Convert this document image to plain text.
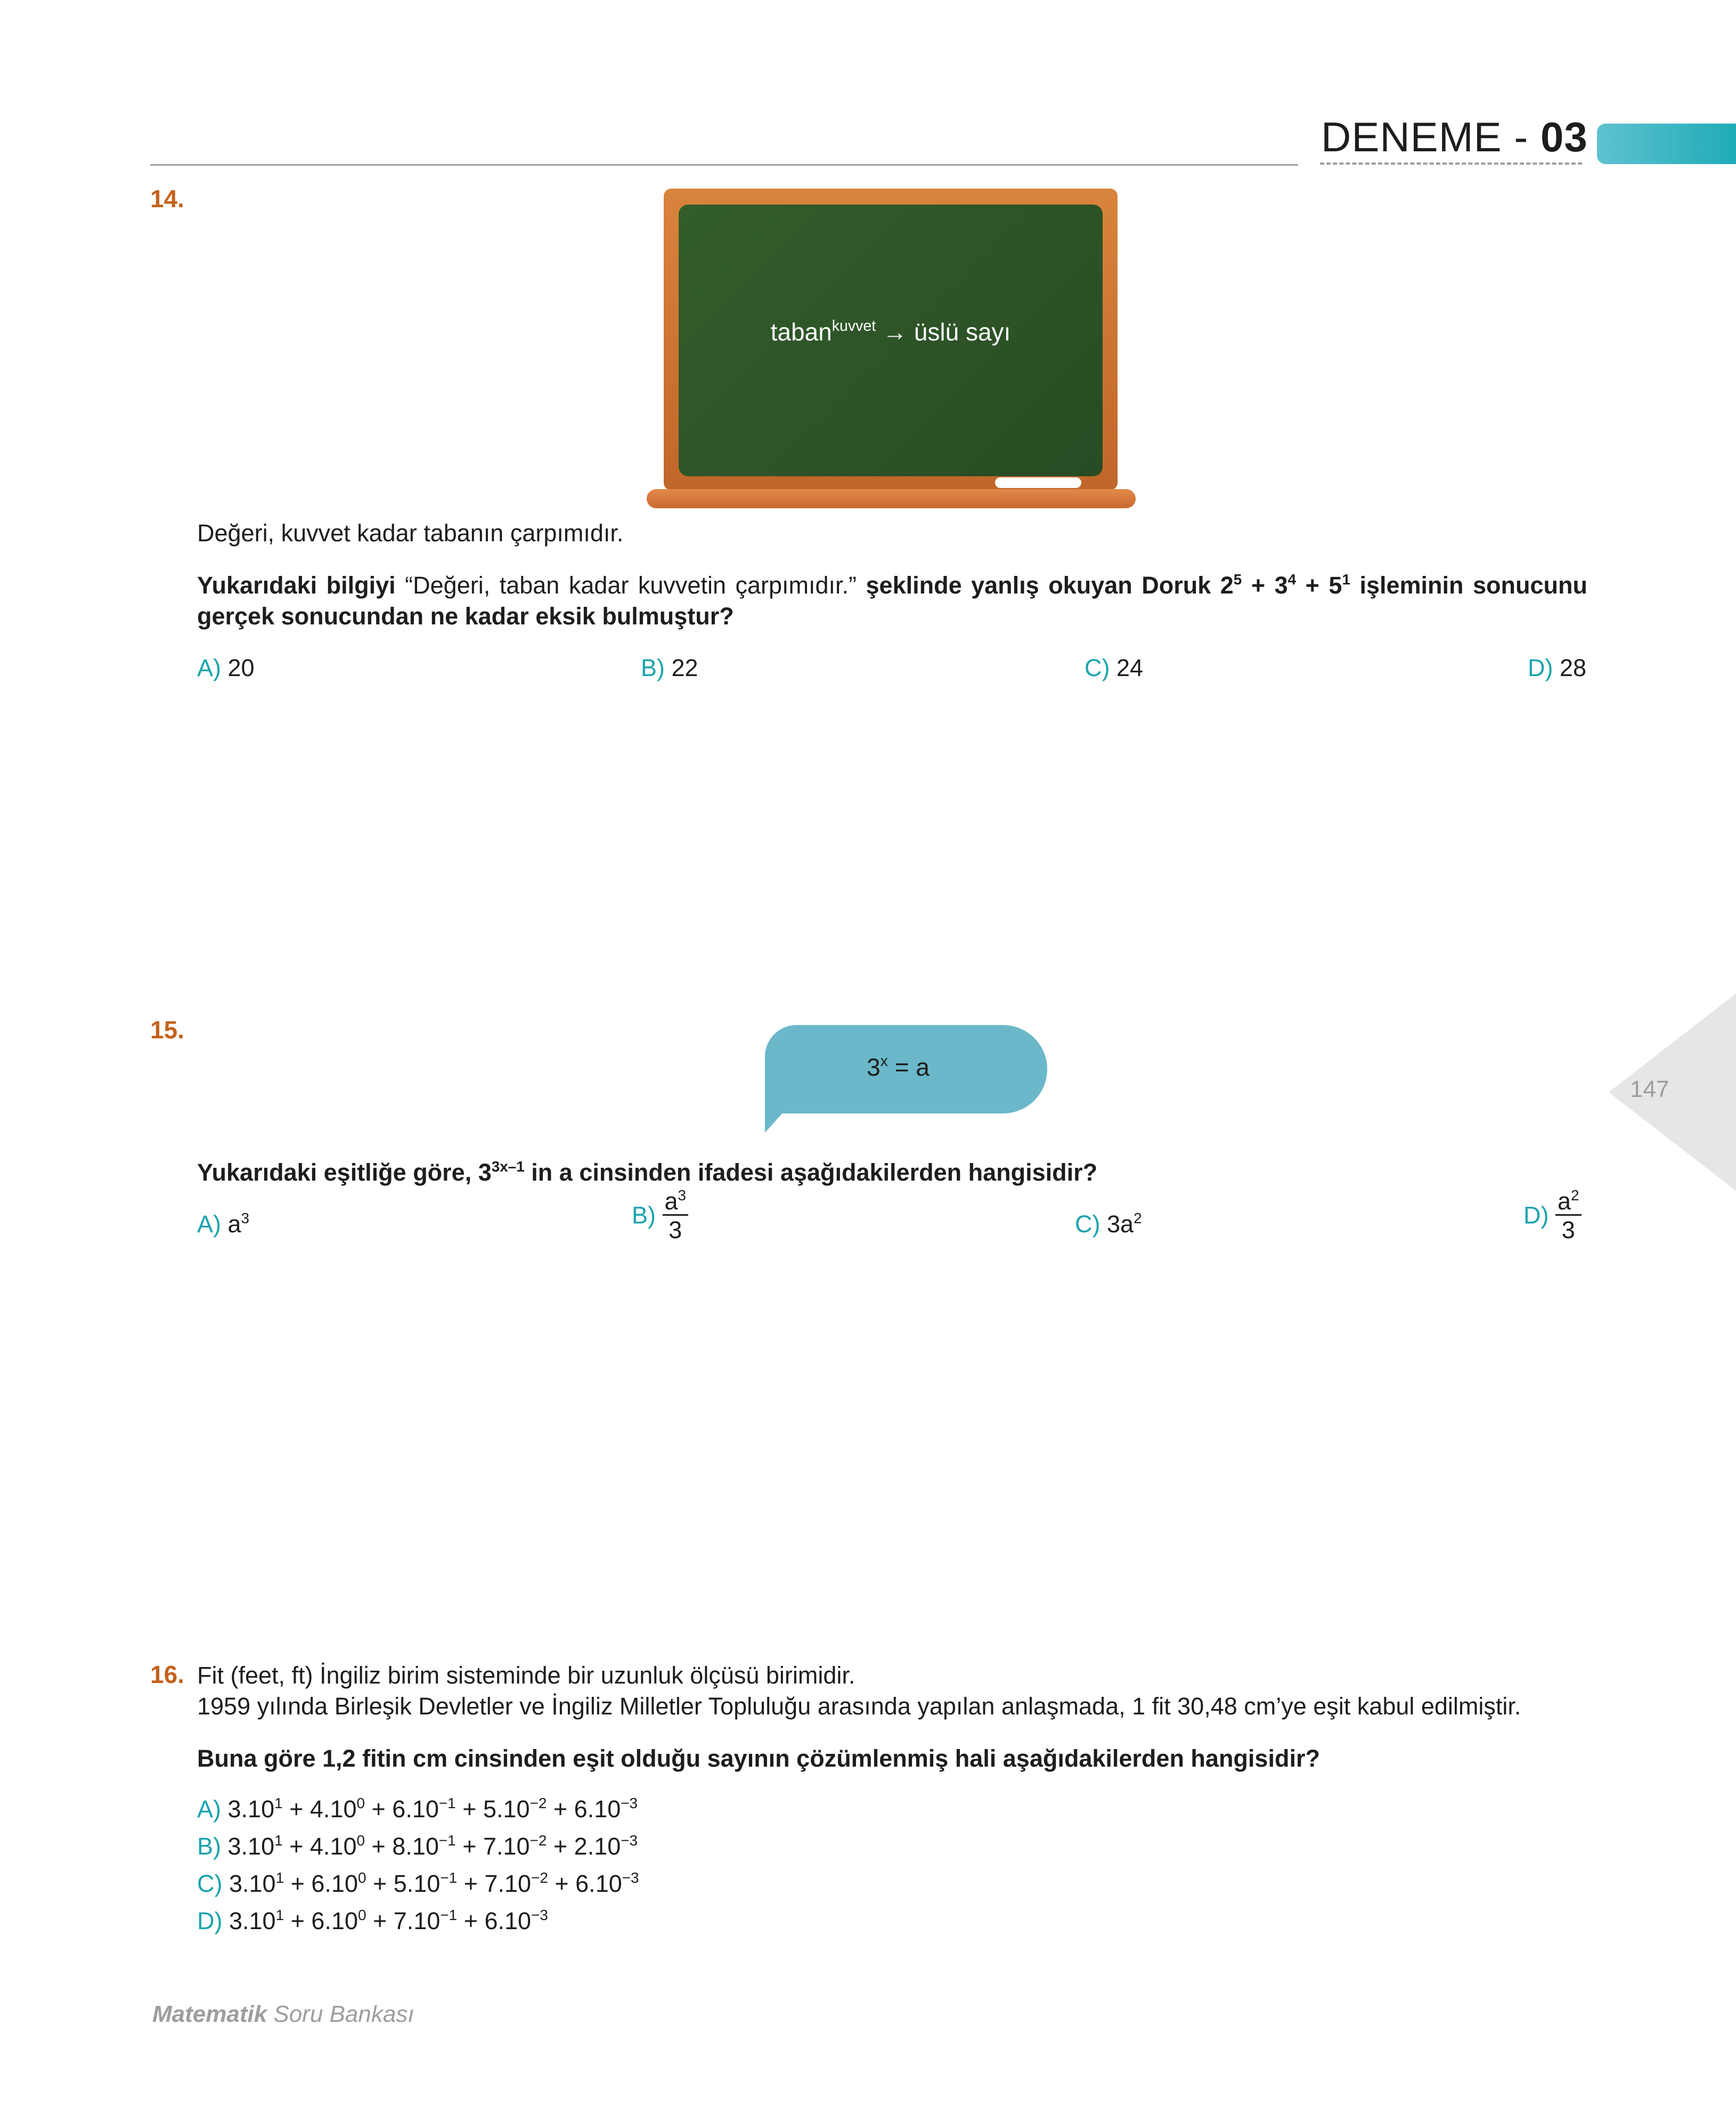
DENEME - 03
14.
taban$^{kuvvet}$ → üslü sayı
Değeri, kuvvet kadar tabanın çarpımıdır.
Yukarıdaki bilgiyi “Değeri, taban kadar kuvvetin çarpımıdır.” şeklinde yanlış okuyan Doruk $2^5 + 3^4 + 5^1$ işleminin sonucunu gerçek sonucundan ne kadar eksik bulmuştur?
A) 20	B) 22	C) 24	D) 28
15.
$3^x = a$
Yukarıdaki eşitliğe göre, $3^{3x-1}$ in a cinsinden ifadesi aşağıdakilerden hangisidir?
A) $a^3$	$B) \frac{a^3}{3}$	C) $3a^2$	$D) \frac{a^2}{3}$
147
16. Fit (feet, ft) İngiliz birim sisteminde bir uzunluk ölçüsü birimidir.
1959 yılında Birleşik Devletler ve İngiliz Milletler Topluluğu arasında yapılan anlaşmada, 1 fit 30,48 cm’ye eşit kabul edilmiştir.
Buna göre 1,2 fitin cm cinsinden eşit olduğu sayının çözümlenmiş hali aşağıdakilerden hangisidir?
A) $3.10^1 + 4.10^0 + 6.10^{-1} + 5.10^{-2} + 6.10^{-3}$
B) $3.10^1 + 4.10^0 + 8.10^{-1} + 7.10^{-2} + 2.10^{-3}$
C) $3.10^1 + 6.10^0 + 5.10^{-1} + 7.10^{-2} + 6.10^{-3}$
D) $3.10^1 + 6.10^0 + 7.10^{-1} + 6.10^{-3}$
Matematik Soru Bankası
